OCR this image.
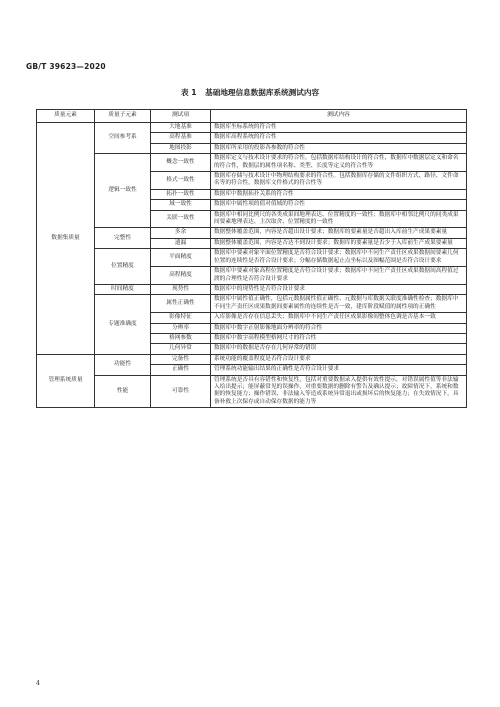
GB/T 39623—2020
表 1 基础地理信息数据库系统测试内容
质量元素	质量子元素	测试项	测试内容
数据集质量	空间参考系	大地基准	数据库坐标系统的符合性
		高程基准	数据库高程系统的符合性
		地图投影	数据库所采用的投影各参数的符合性
	逻辑一致性	概念一致性	数据库定义与技术设计要求的符合性。包括数据库结构设计的符合性，数据库中数据层定义和命名的符合性，数据层的属性项名称、类型、长度等定义的符合性等
		格式一致性	数据库存储与技术设计中物理结构要求的符合性。包括数据库存储的文件组织方式、路径、文件命名等的符合性，数据库文件格式的符合性等
		拓扑一致性	数据库中数据拓扑关系的符合性
		域一致性	数据库中属性项的值对值域的符合性
		关联一致性	数据库中相同比例尺的各类成果间地理表达、位置精度的一致性；数据库中相邻比例尺的同类成果间要素地理表达、主次取舍、位置精度的一致性
	完整性	多余	数据整体覆盖范围，内容是否超出设计要求；数据库的要素量是否超出入库前生产成果要素量
		遗漏	数据整体覆盖范围，内容是否达不到设计要求；数据库的要素量是否少于入库前生产成果要素量
	位置精度	平面精度	数据库中要素对象平面位置精度是否符合设计要求；数据库中不同生产责任区成果数据间要素几何位置的连续性是否符合设计要求；分幅存储数据起止点坐标以及图幅范围是否符合设计要求
		高程精度	数据库中要素对象高程位置精度是否符合设计要求；数据库中不同生产责任区成果数据间高程值过渡的合理性是否符合设计要求
	时间精度	现势性	数据库中的现势性是否符合设计要求
	专题准确度	属性正确性	数据库中属性值正确性，包括元数据属性值正确性、元数据与库数据关联度准确性检查；数据库中不同生产责任区成果数据间要素属性的连续性是否一致，建库阶段赋值的属性项的正确性
		影像特征	入库影像是否存在信息丢失；数据库中不同生产责任区成果影像间整体色调是否基本一致
		分辨率	数据库中数字正射影像地面分辨率的符合性
		格网参数	数据库中数字高程模型格网尺寸的符合性
		几何异常	数据库中的数据是否存在几何异常的错误
管理系统质量	功能性	完备性	系统功能的覆盖程度是否符合设计要求
		正确性	管理系统功能输出结果的正确性是否符合设计要求
	性能	可靠性	管理系统是否具有容错性和恢复性，包括对重要数据录入提供有效性提示，对错误属性值等非法输入给出提示；能屏蔽常见的误操作，对重要数据的删除有警告及确认提示；故障情况下，系统和数据的恢复能力；操作错误、非法输入等造成系统异常退出或损坏后的恢复能力；在失效情况下，具备补救上次保存或自动保存数据的能力等
4
